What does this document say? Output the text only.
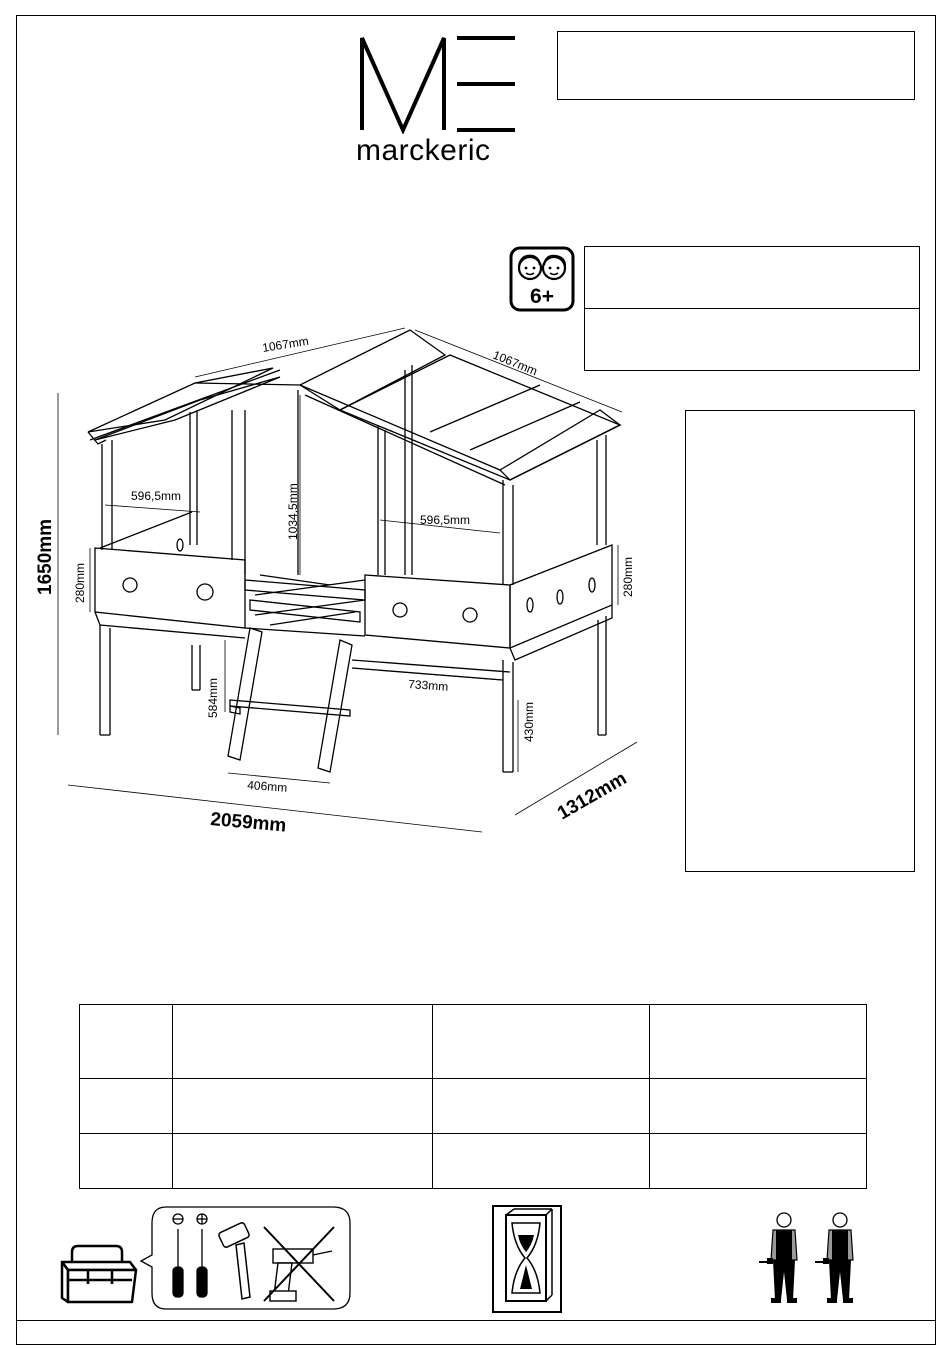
marckeric
6+
1067mm
1067mm
596,5mm
596,5mm
1034,5mm
280mm	280mm
733mm
584mm
406mm
430mm
1650mm
2059mm	1312mm
